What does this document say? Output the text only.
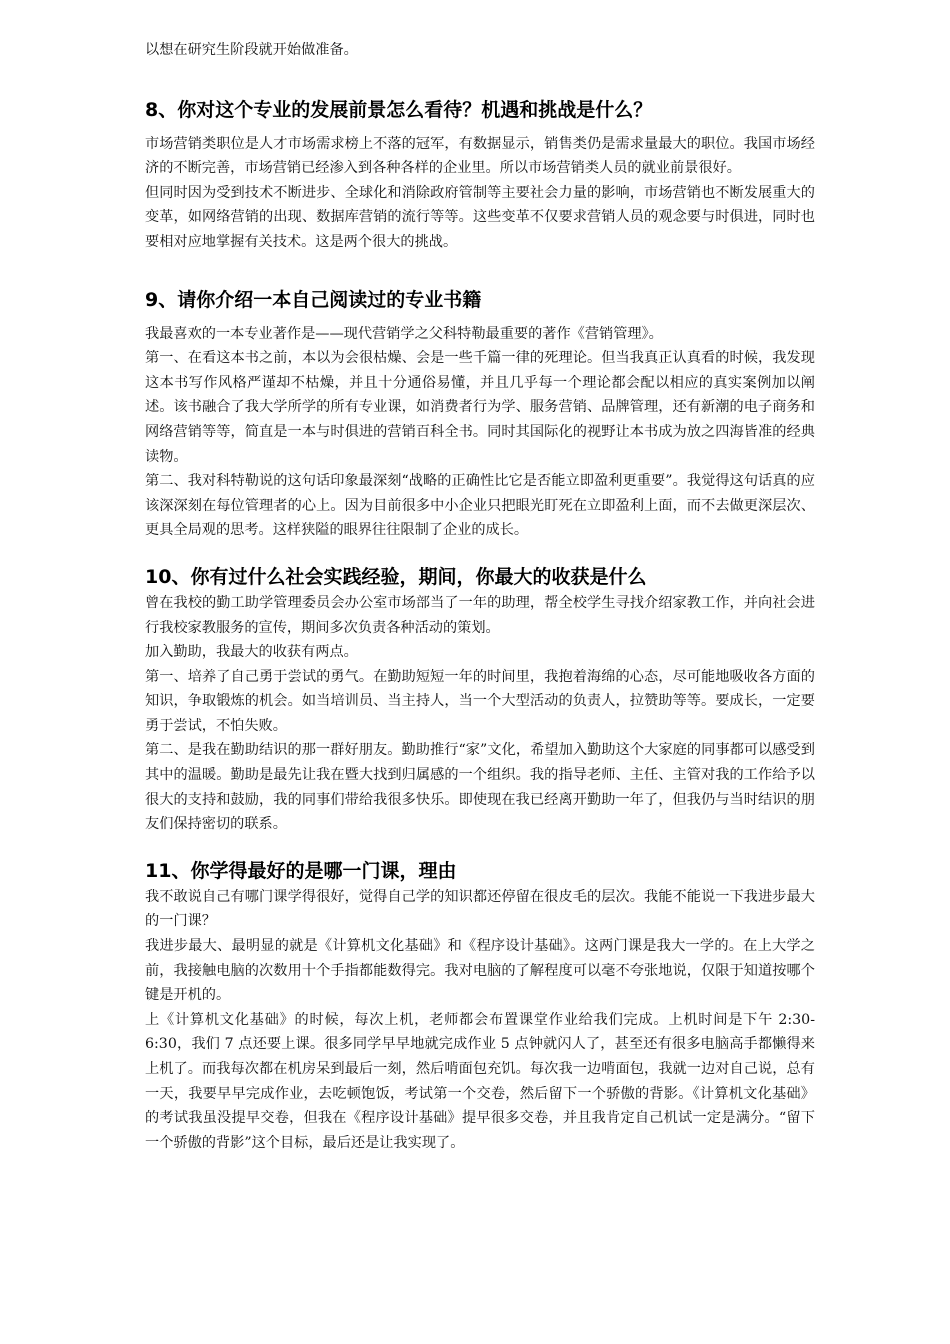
以想在研究生阶段就开始做准备。

8、你对这个专业的发展前景怎么看待？机遇和挑战是什么？

市场营销类职位是人才市场需求榜上不落的冠军，有数据显示，销售类仍是需求量最大的职位。我国市场经济的不断完善，市场营销已经渗入到各种各样的企业里。所以市场营销类人员的就业前景很好。

但同时因为受到技术不断进步、全球化和消除政府管制等主要社会力量的影响，市场营销也不断发展重大的变革，如网络营销的出现、数据库营销的流行等等。这些变革不仅要求营销人员的观念要与时俱进，同时也要相对应地掌握有关技术。这是两个很大的挑战。

9、请你介绍一本自己阅读过的专业书籍

我最喜欢的一本专业著作是——现代营销学之父科特勒最重要的著作《营销管理》。

第一、在看这本书之前，本以为会很枯燥、会是一些千篇一律的死理论。但当我真正认真看的时候，我发现这本书写作风格严谨却不枯燥，并且十分通俗易懂，并且几乎每一个理论都会配以相应的真实案例加以阐述。该书融合了我大学所学的所有专业课，如消费者行为学、服务营销、品牌管理，还有新潮的电子商务和网络营销等等，简直是一本与时俱进的营销百科全书。同时其国际化的视野让本书成为放之四海皆准的经典读物。

第二、我对科特勒说的这句话印象最深刻“战略的正确性比它是否能立即盈利更重要”。我觉得这句话真的应该深深刻在每位管理者的心上。因为目前很多中小企业只把眼光盯死在立即盈利上面，而不去做更深层次、更具全局观的思考。这样狭隘的眼界往往限制了企业的成长。

10、你有过什么社会实践经验，期间，你最大的收获是什么

曾在我校的勤工助学管理委员会办公室市场部当了一年的助理，帮全校学生寻找介绍家教工作，并向社会进行我校家教服务的宣传，期间多次负责各种活动的策划。

加入勤助，我最大的收获有两点。

第一、培养了自己勇于尝试的勇气。在勤助短短一年的时间里，我抱着海绵的心态，尽可能地吸收各方面的知识，争取锻炼的机会。如当培训员、当主持人，当一个大型活动的负责人，拉赞助等等。要成长，一定要勇于尝试，不怕失败。

第二、是我在勤助结识的那一群好朋友。勤助推行“家”文化，希望加入勤助这个大家庭的同事都可以感受到其中的温暖。勤助是最先让我在暨大找到归属感的一个组织。我的指导老师、主任、主管对我的工作给予以很大的支持和鼓励，我的同事们带给我很多快乐。即使现在我已经离开勤助一年了，但我仍与当时结识的朋友们保持密切的联系。

11、你学得最好的是哪一门课，理由

我不敢说自己有哪门课学得很好，觉得自己学的知识都还停留在很皮毛的层次。我能不能说一下我进步最大的一门课？

我进步最大、最明显的就是《计算机文化基础》和《程序设计基础》。这两门课是我大一学的。在上大学之前，我接触电脑的次数用十个手指都能数得完。我对电脑的了解程度可以毫不夸张地说，仅限于知道按哪个键是开机的。

上《计算机文化基础》的时候，每次上机，老师都会布置课堂作业给我们完成。上机时间是下午 2:30-6:30，我们 7 点还要上课。很多同学早早地就完成作业 5 点钟就闪人了，甚至还有很多电脑高手都懒得来上机了。而我每次都在机房呆到最后一刻，然后啃面包充饥。每次我一边啃面包，我就一边对自己说，总有一天，我要早早完成作业，去吃顿饱饭，考试第一个交卷，然后留下一个骄傲的背影。《计算机文化基础》的考试我虽没提早交卷，但我在《程序设计基础》提早很多交卷，并且我肯定自己机试一定是满分。“留下一个骄傲的背影”这个目标，最后还是让我实现了。
